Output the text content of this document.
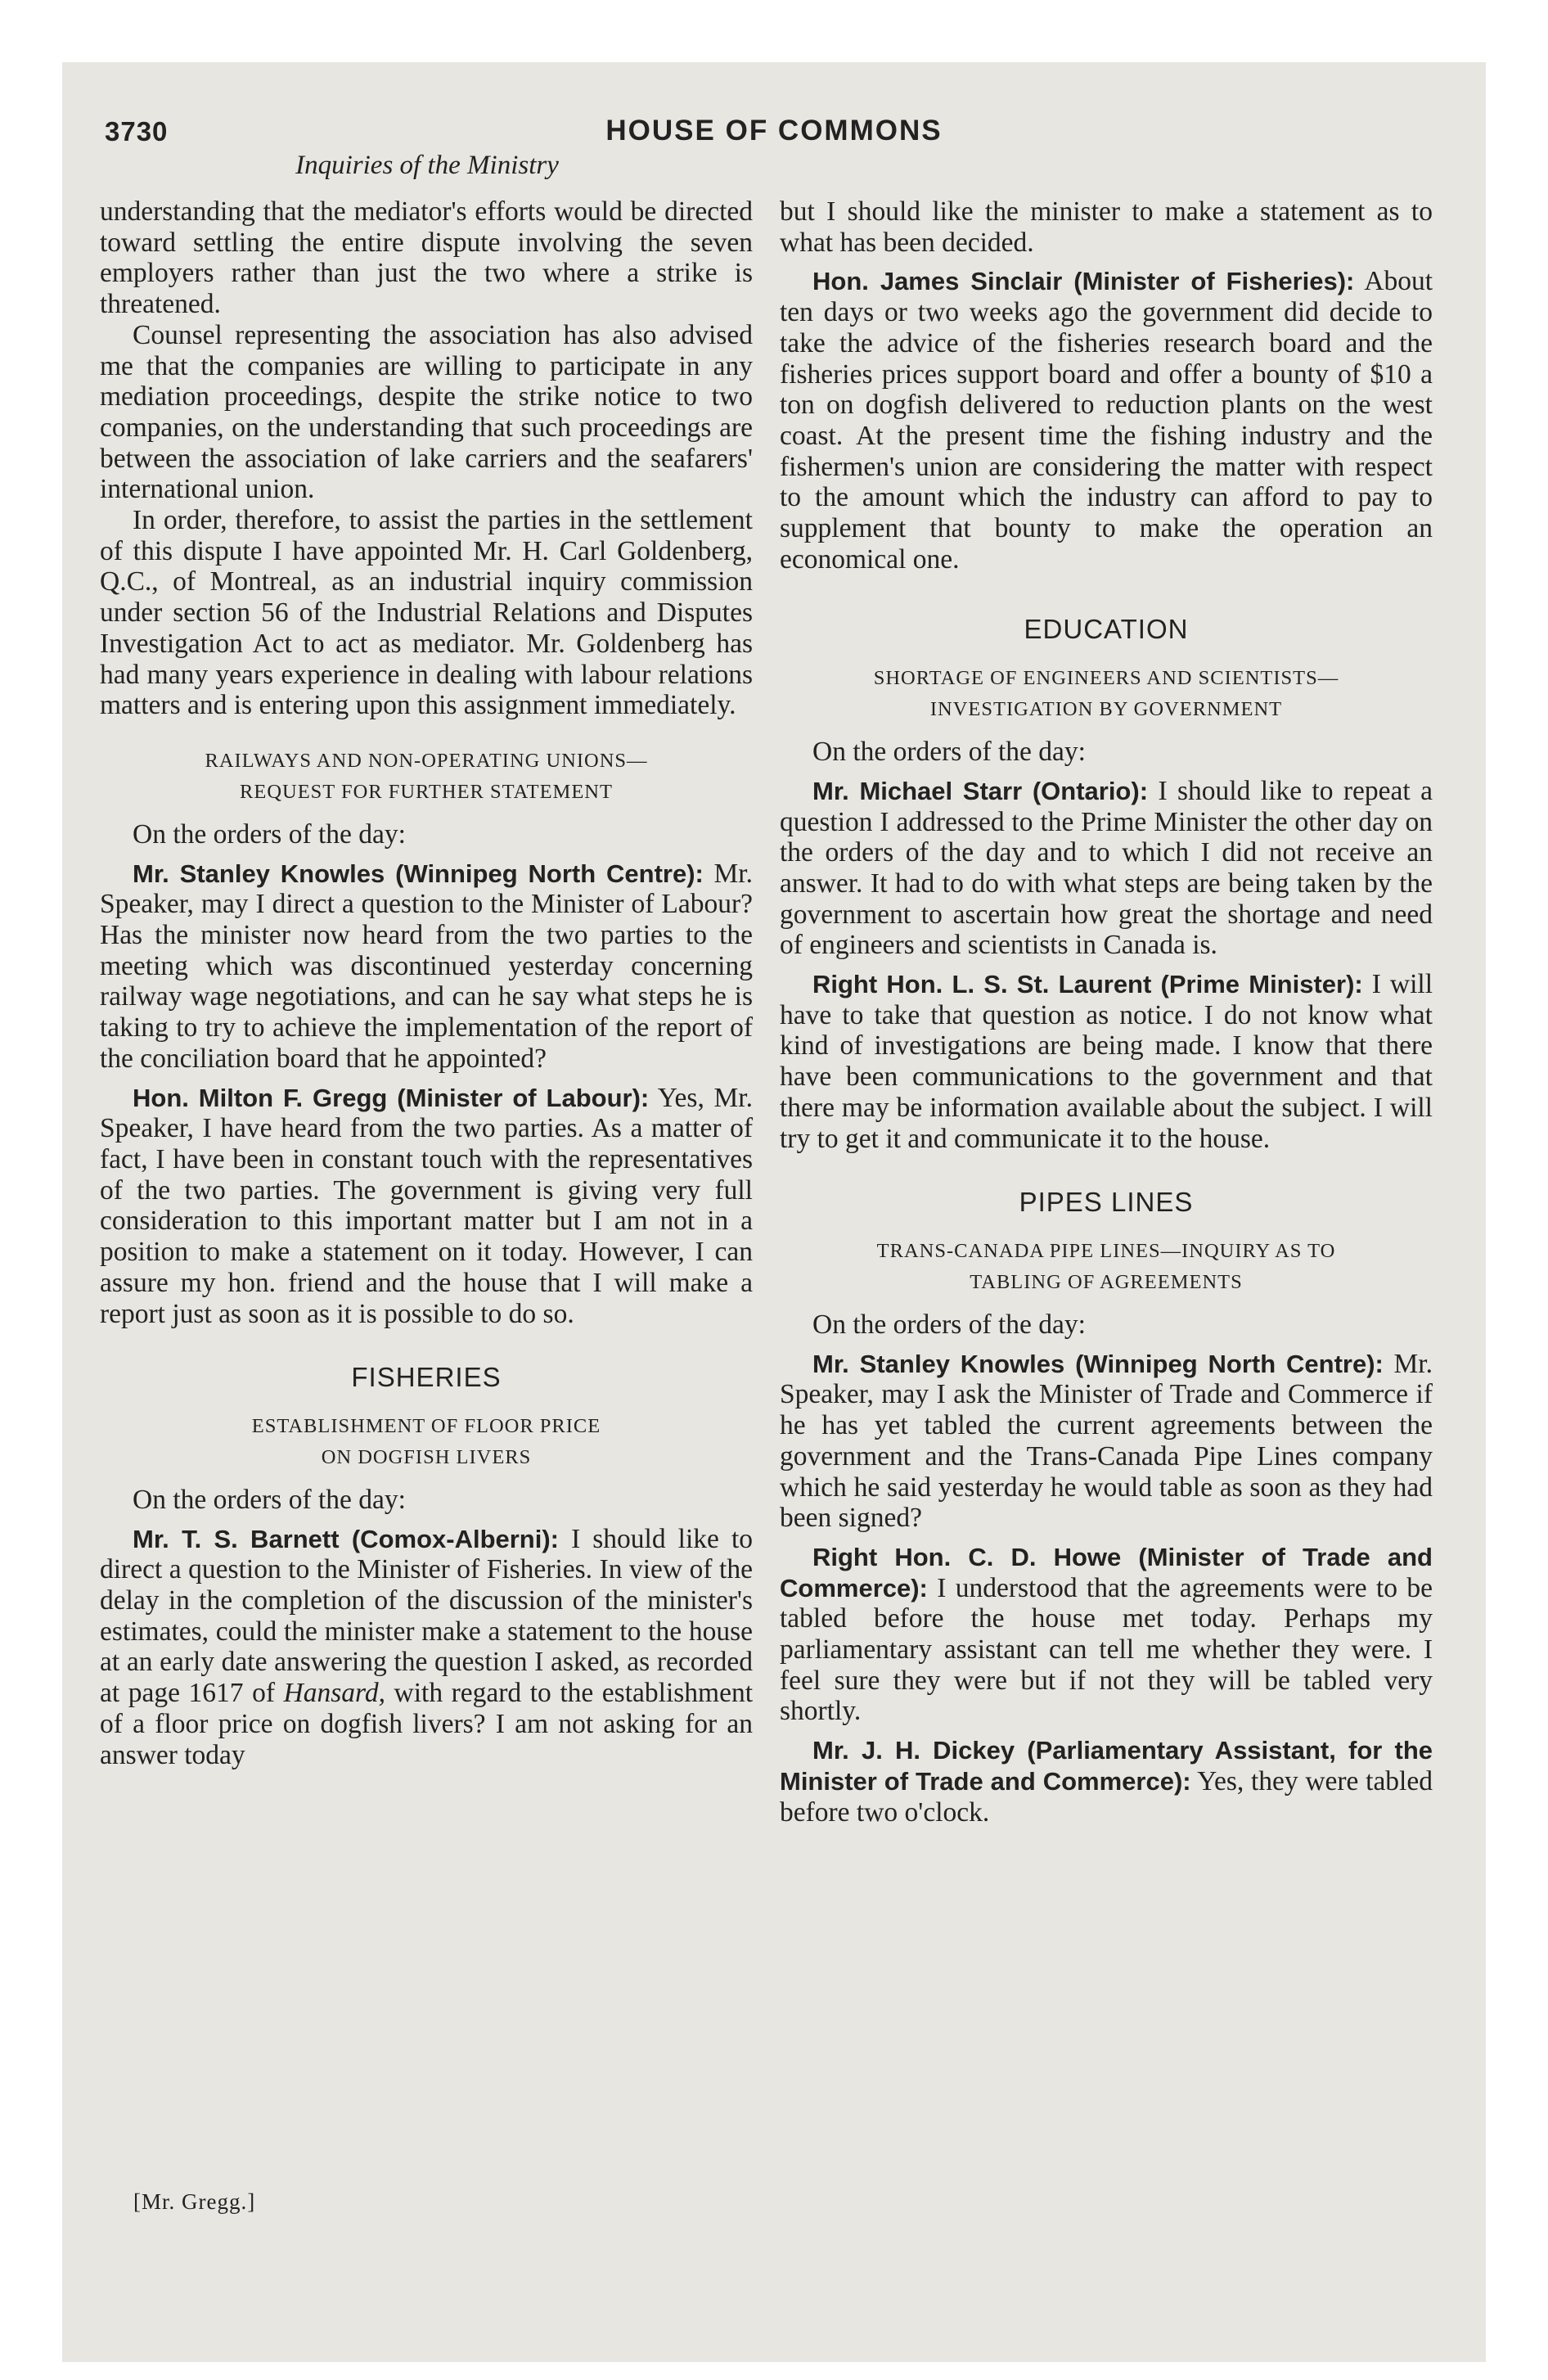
3730	HOUSE OF COMMONS
Inquiries of the Ministry

understanding that the mediator's efforts would be directed toward settling the entire dispute involving the seven employers rather than just the two where a strike is threatened.

Counsel representing the association has also advised me that the companies are willing to participate in any mediation proceedings, despite the strike notice to two companies, on the understanding that such proceedings are between the association of lake carriers and the seafarers' international union.

In order, therefore, to assist the parties in the settlement of this dispute I have appointed Mr. H. Carl Goldenberg, Q.C., of Montreal, as an industrial inquiry commission under section 56 of the Industrial Relations and Disputes Investigation Act to act as mediator. Mr. Goldenberg has had many years experience in dealing with labour relations matters and is entering upon this assignment immediately.

RAILWAYS AND NON-OPERATING UNIONS—
REQUEST FOR FURTHER STATEMENT

On the orders of the day:

Mr. Stanley Knowles (Winnipeg North Centre): Mr. Speaker, may I direct a question to the Minister of Labour? Has the minister now heard from the two parties to the meeting which was discontinued yesterday concerning railway wage negotiations, and can he say what steps he is taking to try to achieve the implementation of the report of the conciliation board that he appointed?

Hon. Milton F. Gregg (Minister of Labour): Yes, Mr. Speaker, I have heard from the two parties. As a matter of fact, I have been in constant touch with the representatives of the two parties. The government is giving very full consideration to this important matter but I am not in a position to make a statement on it today. However, I can assure my hon. friend and the house that I will make a report just as soon as it is possible to do so.

FISHERIES
ESTABLISHMENT OF FLOOR PRICE
ON DOGFISH LIVERS

On the orders of the day:

Mr. T. S. Barnett (Comox-Alberni): I should like to direct a question to the Minister of Fisheries. In view of the delay in the completion of the discussion of the minister's estimates, could the minister make a statement to the house at an early date answering the question I asked, as recorded at page 1617 of Hansard, with regard to the establishment of a floor price on dogfish livers? I am not asking for an answer today

but I should like the minister to make a statement as to what has been decided.

Hon. James Sinclair (Minister of Fisheries): About ten days or two weeks ago the government did decide to take the advice of the fisheries research board and the fisheries prices support board and offer a bounty of $10 a ton on dogfish delivered to reduction plants on the west coast. At the present time the fishing industry and the fishermen's union are considering the matter with respect to the amount which the industry can afford to pay to supplement that bounty to make the operation an economical one.

EDUCATION
SHORTAGE OF ENGINEERS AND SCIENTISTS—
INVESTIGATION BY GOVERNMENT

On the orders of the day:

Mr. Michael Starr (Ontario): I should like to repeat a question I addressed to the Prime Minister the other day on the orders of the day and to which I did not receive an answer. It had to do with what steps are being taken by the government to ascertain how great the shortage and need of engineers and scientists in Canada is.

Right Hon. L. S. St. Laurent (Prime Minister): I will have to take that question as notice. I do not know what kind of investigations are being made. I know that there have been communications to the government and that there may be information available about the subject. I will try to get it and communicate it to the house.

PIPES LINES
TRANS-CANADA PIPE LINES—INQUIRY AS TO
TABLING OF AGREEMENTS

On the orders of the day:

Mr. Stanley Knowles (Winnipeg North Centre): Mr. Speaker, may I ask the Minister of Trade and Commerce if he has yet tabled the current agreements between the government and the Trans-Canada Pipe Lines company which he said yesterday he would table as soon as they had been signed?

Right Hon. C. D. Howe (Minister of Trade and Commerce): I understood that the agreements were to be tabled before the house met today. Perhaps my parliamentary assistant can tell me whether they were. I feel sure they were but if not they will be tabled very shortly.

Mr. J. H. Dickey (Parliamentary Assistant, for the Minister of Trade and Commerce): Yes, they were tabled before two o'clock.

[Mr. Gregg.]
